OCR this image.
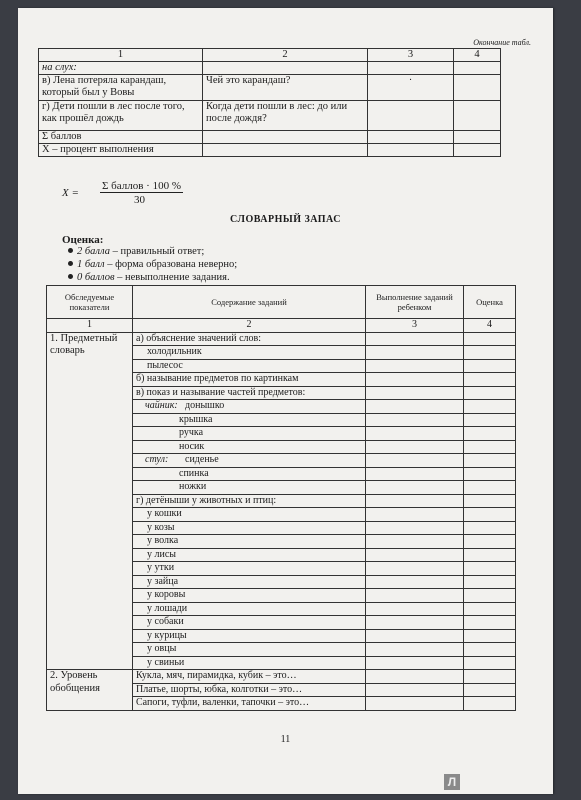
Окончание табл.
1	2	3	4
на слух:			
в) Лена потеряла карандаш, который был у Вовы	Чей это карандаш?	·	
г) Дети пошли в лес после того, как прошёл дождь	Когда дети пошли в лес: до или после дождя?		
Σ баллов			
X – процент выполнения			
X =
Σ баллов · 100 %
30
СЛОВАРНЫЙ ЗАПАС
Оценка:
2 балла – правильный ответ;
1 балл – форма образована неверно;
0 баллов – невыполнение задания.
Обследуемые показатели	Содержание заданий	Выполнение заданий ребенком	Оценка
1	2	3	4
1. Предметный словарь	а) объяснение значений слов:		
	холодильник		
	пылесос		
	б) называние предметов по картинкам		
	в) показ и называние частей предметов:		
	чайник: донышко		
	крышка		
	ручка		
	носик		
	стул: сиденье		
	спинка		
	ножки		
	г) детёныши у животных и птиц:		
	у кошки		
	у козы		
	у волка		
	у лисы		
	у утки		
	у зайца		
	у коровы		
	у лошади		
	у собаки		
	у курицы		
	у овцы		
	у свиньи		
2. Уровень обобщения	Кукла, мяч, пирамидка, кубик – это…		
	Платье, шорты, юбка, колготки – это…		
	Сапоги, туфли, валенки, тапочки – это…		
11
Л
